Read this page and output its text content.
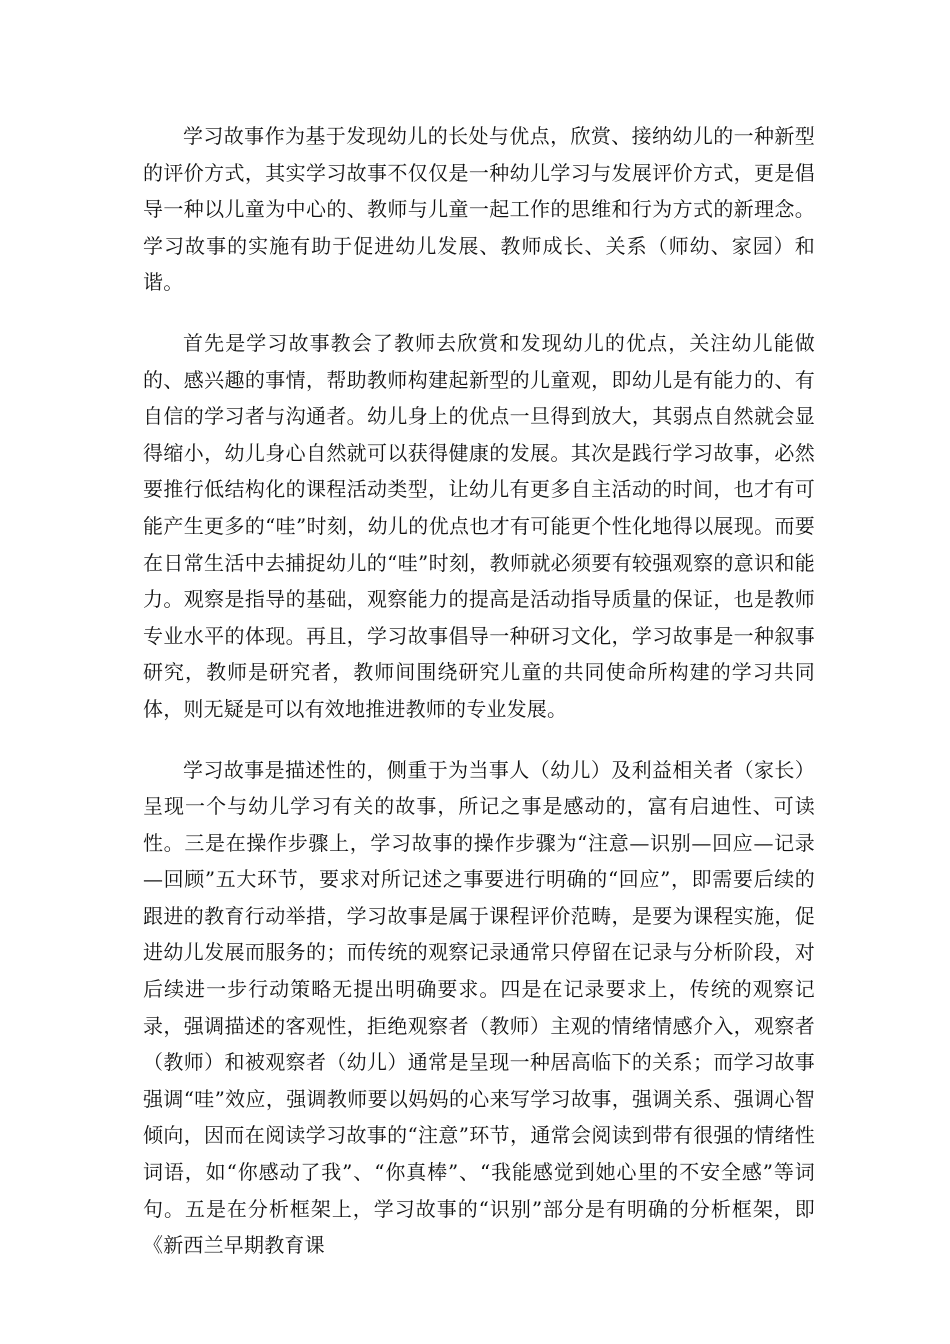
学习故事作为基于发现幼儿的长处与优点，欣赏、接纳幼儿的一种新型的评价方式，其实学习故事不仅仅是一种幼儿学习与发展评价方式，更是倡导一种以儿童为中心的、教师与儿童一起工作的思维和行为方式的新理念。学习故事的实施有助于促进幼儿发展、教师成长、关系（师幼、家园）和谐。

首先是学习故事教会了教师去欣赏和发现幼儿的优点，关注幼儿能做的、感兴趣的事情，帮助教师构建起新型的儿童观，即幼儿是有能力的、有自信的学习者与沟通者。幼儿身上的优点一旦得到放大，其弱点自然就会显得缩小，幼儿身心自然就可以获得健康的发展。其次是践行学习故事，必然要推行低结构化的课程活动类型，让幼儿有更多自主活动的时间，也才有可能产生更多的“哇”时刻，幼儿的优点也才有可能更个性化地得以展现。而要在日常生活中去捕捉幼儿的“哇”时刻，教师就必须要有较强观察的意识和能力。观察是指导的基础，观察能力的提高是活动指导质量的保证，也是教师专业水平的体现。再且，学习故事倡导一种研习文化，学习故事是一种叙事研究，教师是研究者，教师间围绕研究儿童的共同使命所构建的学习共同体，则无疑是可以有效地推进教师的专业发展。

学习故事是描述性的，侧重于为当事人（幼儿）及利益相关者（家长）呈现一个与幼儿学习有关的故事，所记之事是感动的，富有启迪性、可读性。三是在操作步骤上，学习故事的操作步骤为“注意—识别—回应—记录—回顾”五大环节，要求对所记述之事要进行明确的“回应”，即需要后续的跟进的教育行动举措，学习故事是属于课程评价范畴，是要为课程实施，促进幼儿发展而服务的；而传统的观察记录通常只停留在记录与分析阶段，对后续进一步行动策略无提出明确要求。四是在记录要求上，传统的观察记录，强调描述的客观性，拒绝观察者（教师）主观的情绪情感介入，观察者（教师）和被观察者（幼儿）通常是呈现一种居高临下的关系；而学习故事强调“哇”效应，强调教师要以妈妈的心来写学习故事，强调关系、强调心智倾向，因而在阅读学习故事的“注意”环节，通常会阅读到带有很强的情绪性词语，如“你感动了我”、“你真棒”、“我能感觉到她心里的不安全感”等词句。五是在分析框架上，学习故事的“识别”部分是有明确的分析框架，即《新西兰早期教育课
